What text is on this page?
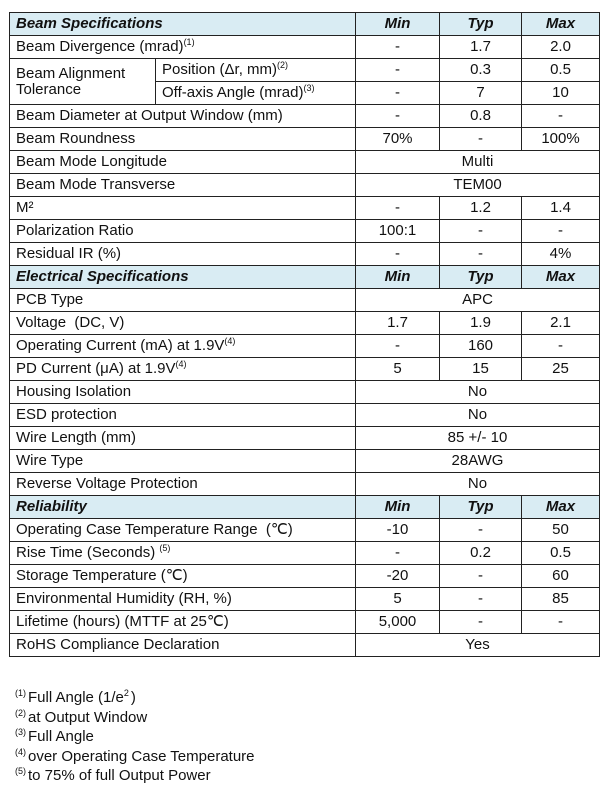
Beam Specifications		Min	Typ	Max
Beam Divergence (mrad)$^{(1)}$		-	1.7	2.0
Beam Alignment
Tolerance	Position (Δr, mm)$^{(2)}$	-	0.3	0.5
	Off-axis Angle (mrad)$^{(3)}$	-	7	10
Beam Diameter at Output Window (mm)		-	0.8	-
Beam Roundness		70%	-	100%
Beam Mode Longitude		Multi		
Beam Mode Transverse		TEM00		
M²		-	1.2	1.4
Polarization Ratio		100:1	-	-
Residual IR (%)		-	-	4%
Electrical Specifications		Min	Typ	Max
PCB Type		APC		
Voltage  (DC, V)		1.7	1.9	2.1
Operating Current (mA) at $1.9V^{(4)}$		-	160	-
PD Current (μA) at $1.9V^{(4)}$		5	15	25
Housing Isolation		No		
ESD protection		No		
Wire Length (mm)		85 +/- 10		
Wire Type		28AWG		
Reverse Voltage Protection		No		
Reliability		Min	Typ	Max
Operating Case Temperature Range  (℃)		-10	-	50
Rise Time (Seconds) $^{(5)}$		-	0.2	0.5
Storage Temperature (℃)		-20	-	60
Environmental Humidity (RH, %)		5	-	85
Lifetime (hours) (MTTF at 25℃)		5,000	-	-
RoHS Compliance Declaration		Yes		
$^{(1)}$ Full Angle ($1/e^2$ )
$^{(2)}$ at Output Window
$^{(3)}$ Full Angle
$^{(4)}$ over Operating Case Temperature
$^{(5)}$ to 75% of full Output Power
